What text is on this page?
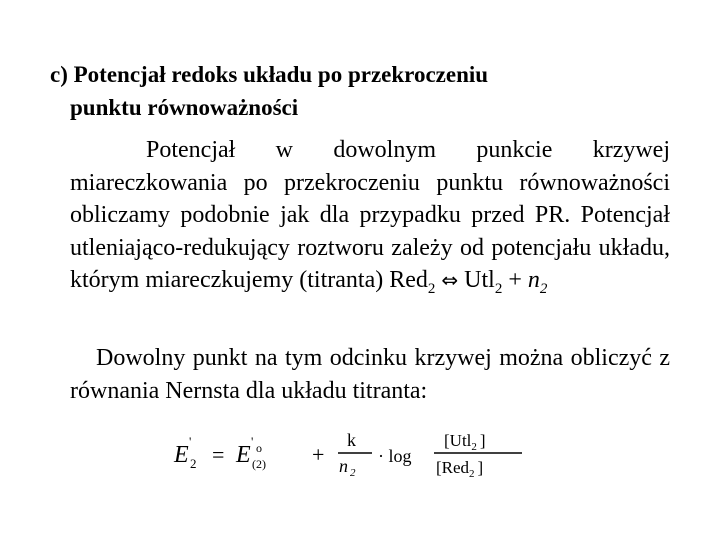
c) Potencjał redoks układu po przekroczeniu
punktu równoważności
Potencjał w dowolnym punkcie krzywej miareczkowania po przekroczeniu punktu równoważności obliczamy podobnie jak dla przypadku przed PR. Potencjał utleniająco-redukujący roztworu zależy od potencjału układu, którym miareczkujemy (titranta) Red$_2$ ⇔ $Utl_2 + n_2$
Dowolny punkt na tym odcinku krzywej można obliczyć z równania Nernsta dla układu titranta:
E
'
2 = E
' o
(2) +
k
n 2
· log
[Utl$_2$ ]
[Red$_2$ ]
